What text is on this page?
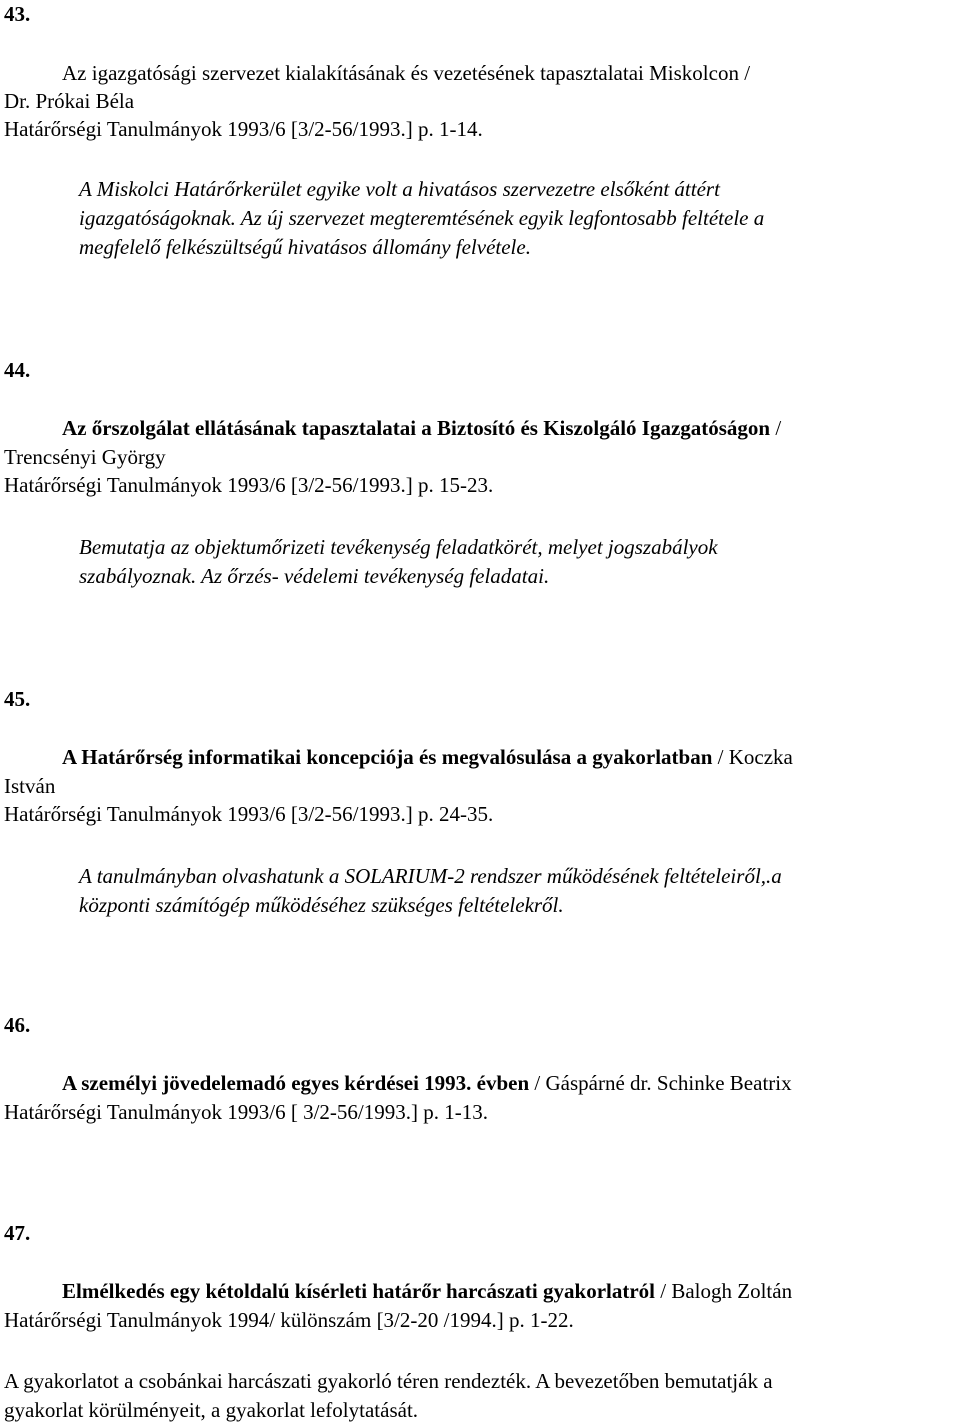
43.
Az igazgatósági szervezet kialakításának és vezetésének tapasztalatai Miskolcon /
Dr. Prókai Béla
Határőrségi Tanulmányok 1993/6 [3/2-56/1993.] p. 1-14.
A Miskolci Határőrkerület egyike volt a hivatásos szervezetre elsőként áttért
igazgatóságoknak. Az új szervezet megteremtésének egyik legfontosabb feltétele a
megfelelő felkészültségű hivatásos állomány felvétele.
44.
Az őrszolgálat ellátásának tapasztalatai a Biztosító és Kiszolgáló Igazgatóságon /
Trencsényi György
Határőrségi Tanulmányok 1993/6 [3/2-56/1993.] p. 15-23.
Bemutatja az objektumőrizeti tevékenység feladatkörét, melyet jogszabályok
szabályoznak. Az őrzés- védelemi tevékenység feladatai.
45.
A Határőrség informatikai koncepciója és megvalósulása a gyakorlatban / Koczka
István
Határőrségi Tanulmányok 1993/6 [3/2-56/1993.] p. 24-35.
A tanulmányban olvashatunk a SOLARIUM-2 rendszer működésének feltételeiről,.a
központi számítógép működéséhez szükséges feltételekről.
46.
A személyi jövedelemadó egyes kérdései 1993. évben / Gáspárné dr. Schinke Beatrix
Határőrségi Tanulmányok 1993/6 [ 3/2-56/1993.] p. 1-13.
47.
Elmélkedés egy kétoldalú kísérleti határőr harcászati gyakorlatról / Balogh Zoltán
Határőrségi Tanulmányok 1994/ különszám [3/2-20 /1994.] p. 1-22.
A gyakorlatot a csobánkai harcászati gyakorló téren rendezték. A bevezetőben bemutatják a
gyakorlat körülményeit, a gyakorlat lefolytatását.
